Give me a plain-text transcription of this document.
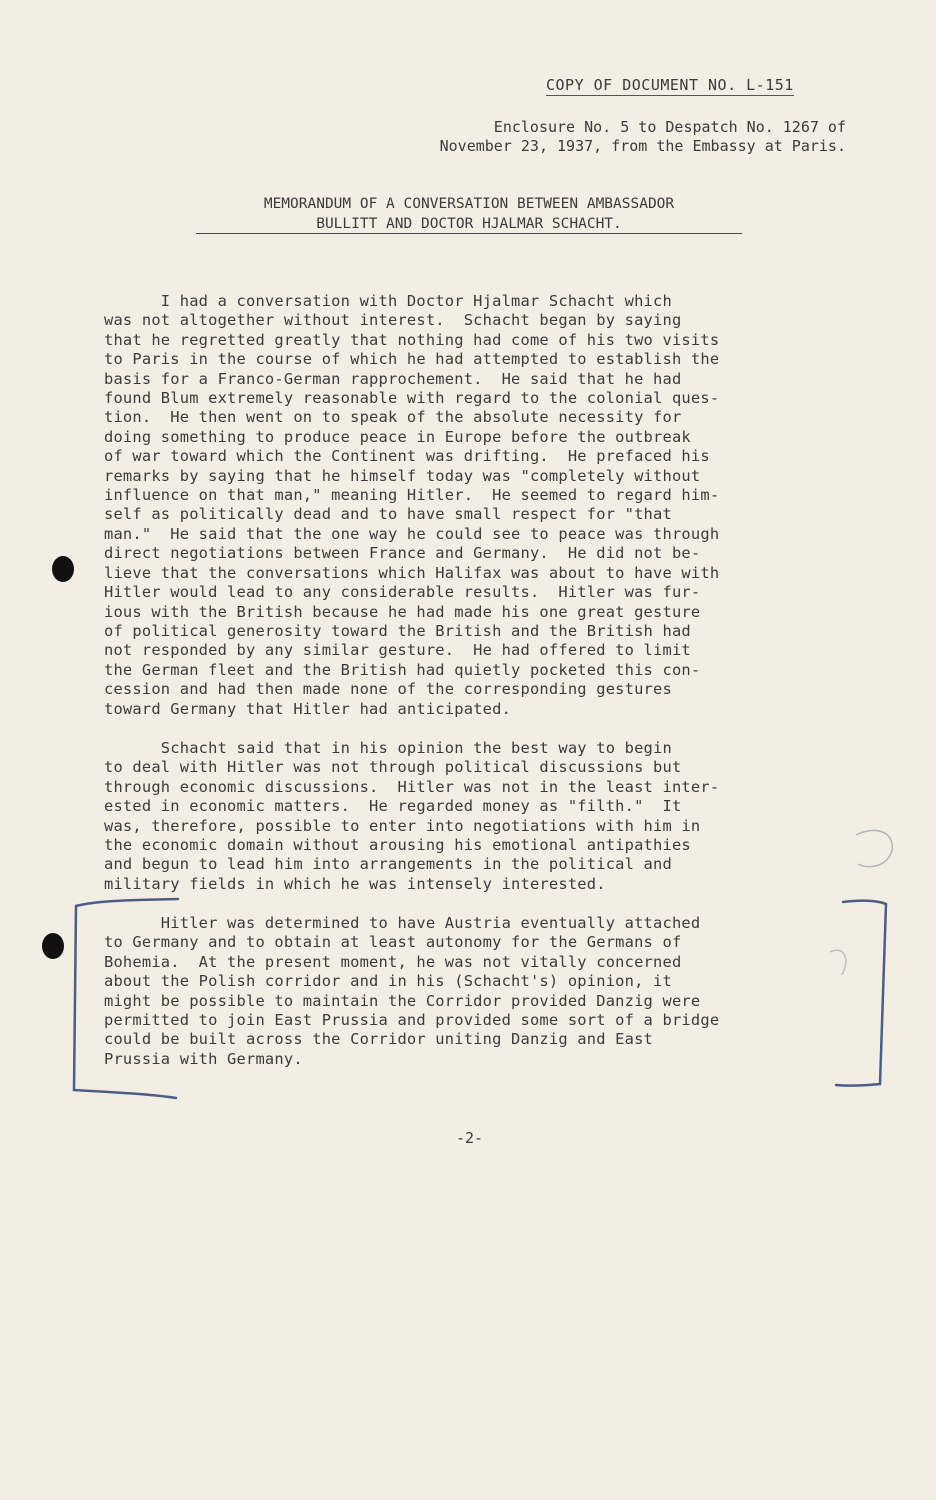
COPY OF DOCUMENT NO. L-151
Enclosure No. 5 to Despatch No. 1267 of
November 23, 1937, from the Embassy at Paris.
MEMORANDUM OF A CONVERSATION BETWEEN AMBASSADOR
BULLITT AND DOCTOR HJALMAR SCHACHT.
I had a conversation with Doctor Hjalmar Schacht which
was not altogether without interest.  Schacht began by saying
that he regretted greatly that nothing had come of his two visits
to Paris in the course of which he had attempted to establish the
basis for a Franco-German rapprochement.  He said that he had
found Blum extremely reasonable with regard to the colonial ques-
tion.  He then went on to speak of the absolute necessity for
doing something to produce peace in Europe before the outbreak
of war toward which the Continent was drifting.  He prefaced his
remarks by saying that he himself today was "completely without
influence on that man," meaning Hitler.  He seemed to regard him-
self as politically dead and to have small respect for "that
man."  He said that the one way he could see to peace was through
direct negotiations between France and Germany.  He did not be-
lieve that the conversations which Halifax was about to have with
Hitler would lead to any considerable results.  Hitler was fur-
ious with the British because he had made his one great gesture
of political generosity toward the British and the British had
not responded by any similar gesture.  He had offered to limit
the German fleet and the British had quietly pocketed this con-
cession and had then made none of the corresponding gestures
toward Germany that Hitler had anticipated.
Schacht said that in his opinion the best way to begin
to deal with Hitler was not through political discussions but
through economic discussions.  Hitler was not in the least inter-
ested in economic matters.  He regarded money as "filth."  It
was, therefore, possible to enter into negotiations with him in
the economic domain without arousing his emotional antipathies
and begun to lead him into arrangements in the political and
military fields in which he was intensely interested.
Hitler was determined to have Austria eventually attached
to Germany and to obtain at least autonomy for the Germans of
Bohemia.  At the present moment, he was not vitally concerned
about the Polish corridor and in his (Schacht's) opinion, it
might be possible to maintain the Corridor provided Danzig were
permitted to join East Prussia and provided some sort of a bridge
could be built across the Corridor uniting Danzig and East
Prussia with Germany.
-2-
